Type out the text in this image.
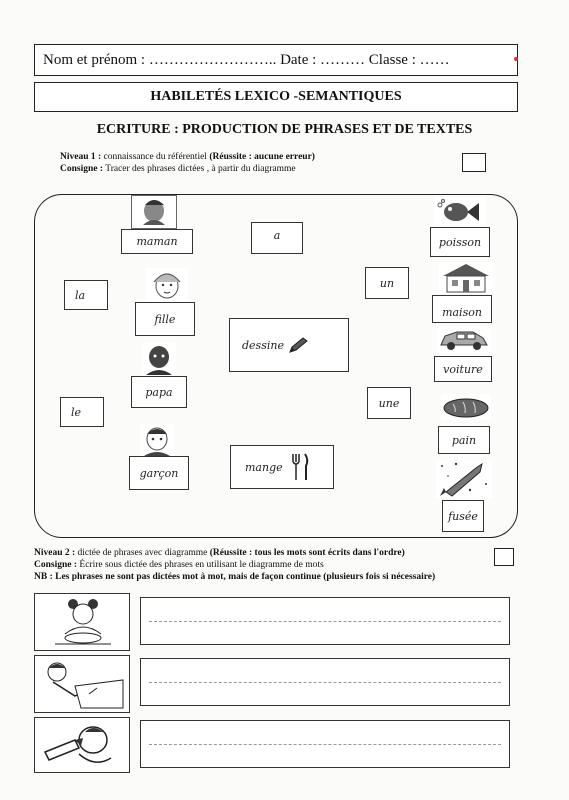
Nom et prénom : …………………….. Date : ……… Classe : ……
HABILETÉS LEXICO -SEMANTIQUES
ECRITURE : PRODUCTION DE PHRASES ET DE TEXTES
Niveau 1 : connaissance du référentiel (Réussite : aucune erreur)
Consigne : Tracer des phrases dictées , à partir du diagramme
maman	a	poisson
la
fille
un
maison
dessine
voiture
papa
une
le
pain
garçon	mange
fusée
Niveau 2 : dictée de phrases avec diagramme (Réussite : tous les mots sont écrits dans l'ordre)
Consigne : Écrire sous dictée des phrases en utilisant le diagramme de mots
NB : Les phrases ne sont pas dictées mot à mot, mais de façon continue (plusieurs fois si nécessaire)
